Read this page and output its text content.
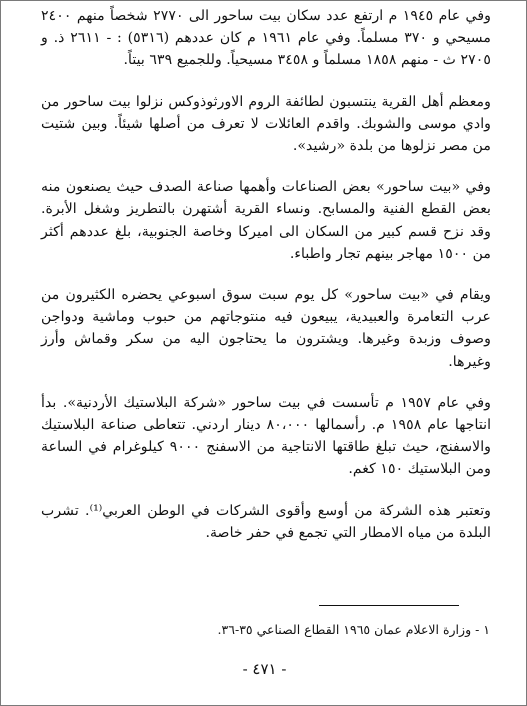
وفي عام ١٩٤٥ م ارتفع عدد سكان بيت ساحور الى ٢٧٧٠ شخصاً منهم ٢٤٠٠ مسيحي و ٣٧٠ مسلماً. وفي عام ١٩٦١ م كان عددهم (٥٣١٦) : - ٢٦١١ ذ. و ٢٧٠٥ ث - منهم ١٨٥٨ مسلماً و ٣٤٥٨ مسيحياً. وللجميع ٦٣٩ بيتاً.

ومعظم أهل القرية ينتسبون لطائفة الروم الاورثوذوكس نزلوا بيت ساحور من وادي موسى والشوبك. واقدم العائلات لا تعرف من أصلها شيئاً. وبين شتيت من مصر نزلوها من بلدة «رشيد».

وفي «بيت ساحور» بعض الصناعات وأهمها صناعة الصدف حيث يصنعون منه بعض القطع الفنية والمسابح. ونساء القرية أشتهرن بالتطريز وشغل الأبرة. وقد نزح قسم كبير من السكان الى اميركا وخاصة الجنوبية، بلغ عددهم أكثر من ١٥٠٠ مهاجر بينهم تجار واطباء.

ويقام في «بيت ساحور» كل يوم سبت سوق اسبوعي يحضره الكثيرون من عرب التعامرة والعبيدية، يبيعون فيه منتوجاتهم من حبوب وماشية ودواجن وصوف وزبدة وغيرها. ويشترون ما يحتاجون اليه من سكر وقماش وأرز وغيرها.

وفي عام ١٩٥٧ م تأسست في بيت ساحور «شركة البلاستيك الأردنية». بدأ انتاجها عام ١٩٥٨ م. رأسمالها ٨٠،٠٠٠ دينار اردني. تتعاطى صناعة البلاستيك والاسفنج، حيث تبلغ طاقتها الانتاجية من الاسفنج ٩٠٠٠ كيلوغرام في الساعة ومن البلاستيك ١٥٠ كغم.

وتعتبر هذه الشركة من أوسع وأقوى الشركات في الوطن العربي⁽¹⁾. تشرب البلدة من مياه الامطار التي تجمع في حفر خاصة.

١ - وزارة الاعلام عمان ١٩٦٥ القطاع الصناعي ٣٥-٣٦.
- ٤٧١ -
